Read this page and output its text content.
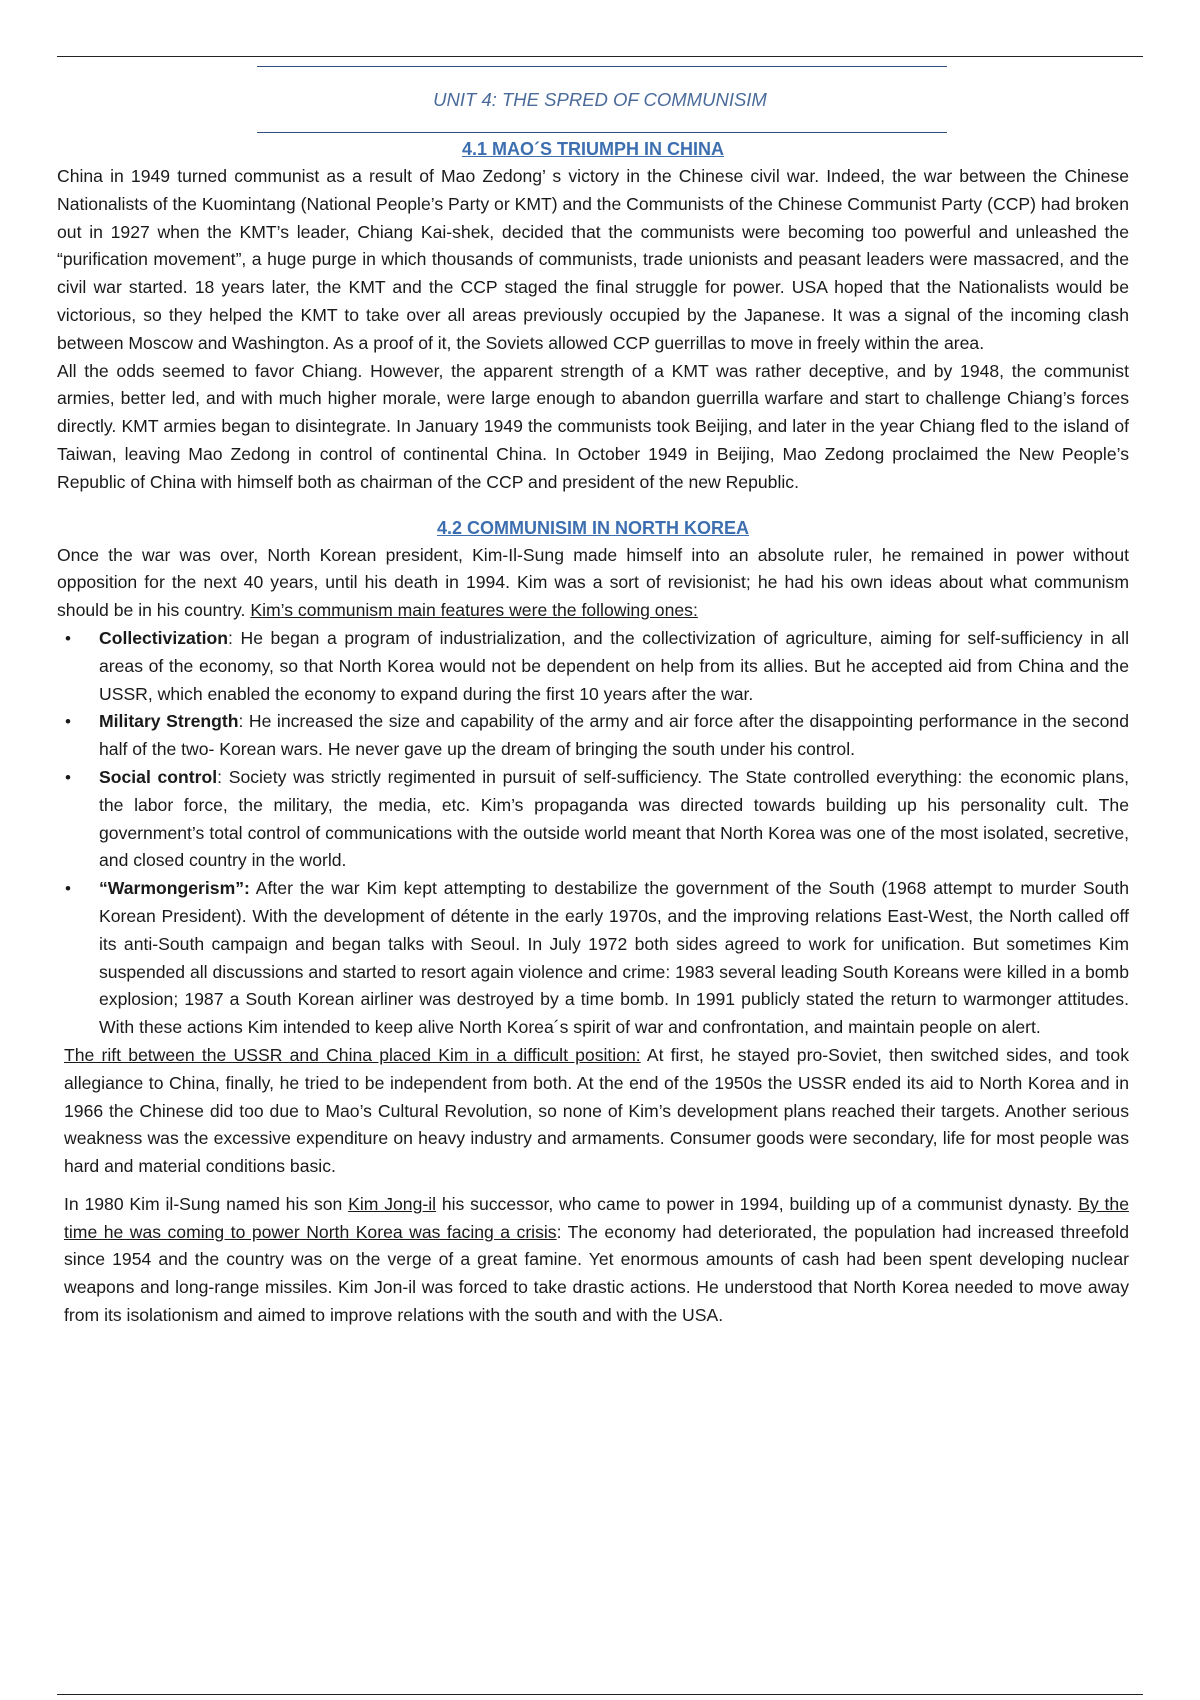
UNIT 4: THE SPRED OF COMMUNISIM
4.1 MAO´S TRIUMPH IN CHINA

China in 1949 turned communist as a result of Mao Zedong’ s victory in the Chinese civil war. Indeed, the war between the Chinese Nationalists of the Kuomintang (National People’s Party or KMT) and the Communists of the Chinese Communist Party (CCP) had broken out in 1927 when the KMT’s leader, Chiang Kai-shek, decided that the communists were becoming too powerful and unleashed the “purification movement”, a huge purge in which thousands of communists, trade unionists and peasant leaders were massacred, and the civil war started. 18 years later, the KMT and the CCP staged the final struggle for power. USA hoped that the Nationalists would be victorious, so they helped the KMT to take over all areas previously occupied by the Japanese. It was a signal of the incoming clash between Moscow and Washington. As a proof of it, the Soviets allowed CCP guerrillas to move in freely within the area.

All the odds seemed to favor Chiang. However, the apparent strength of a KMT was rather deceptive, and by 1948, the communist armies, better led, and with much higher morale, were large enough to abandon guerrilla warfare and start to challenge Chiang’s forces directly. KMT armies began to disintegrate. In January 1949 the communists took Beijing, and later in the year Chiang fled to the island of Taiwan, leaving Mao Zedong in control of continental China. In October 1949 in Beijing, Mao Zedong proclaimed the New People’s Republic of China with himself both as chairman of the CCP and president of the new Republic.

4.2 COMMUNISIM IN NORTH KOREA

Once the war was over, North Korean president, Kim-Il-Sung made himself into an absolute ruler, he remained in power without opposition for the next 40 years, until his death in 1994. Kim was a sort of revisionist; he had his own ideas about what communism should be in his country. Kim’s communism main features were the following ones:

• Collectivization: He began a program of industrialization, and the collectivization of agriculture, aiming for self-sufficiency in all areas of the economy, so that North Korea would not be dependent on help from its allies. But he accepted aid from China and the USSR, which enabled the economy to expand during the first 10 years after the war.
• Military Strength: He increased the size and capability of the army and air force after the disappointing performance in the second half of the two- Korean wars. He never gave up the dream of bringing the south under his control.
• Social control: Society was strictly regimented in pursuit of self-sufficiency. The State controlled everything: the economic plans, the labor force, the military, the media, etc. Kim’s propaganda was directed towards building up his personality cult. The government’s total control of communications with the outside world meant that North Korea was one of the most isolated, secretive, and closed country in the world.
• “Warmongerism”: After the war Kim kept attempting to destabilize the government of the South (1968 attempt to murder South Korean President). With the development of détente in the early 1970s, and the improving relations East-West, the North called off its anti-South campaign and began talks with Seoul. In July 1972 both sides agreed to work for unification. But sometimes Kim suspended all discussions and started to resort again violence and crime: 1983 several leading South Koreans were killed in a bomb explosion; 1987 a South Korean airliner was destroyed by a time bomb. In 1991 publicly stated the return to warmonger attitudes. With these actions Kim intended to keep alive North Korea´s spirit of war and confrontation, and maintain people on alert.

The rift between the USSR and China placed Kim in a difficult position: At first, he stayed pro-Soviet, then switched sides, and took allegiance to China, finally, he tried to be independent from both. At the end of the 1950s the USSR ended its aid to North Korea and in 1966 the Chinese did too due to Mao’s Cultural Revolution, so none of Kim’s development plans reached their targets. Another serious weakness was the excessive expenditure on heavy industry and armaments. Consumer goods were secondary, life for most people was hard and material conditions basic.

In 1980 Kim il-Sung named his son Kim Jong-il his successor, who came to power in 1994, building up of a communist dynasty. By the time he was coming to power North Korea was facing a crisis: The economy had deteriorated, the population had increased threefold since 1954 and the country was on the verge of a great famine. Yet enormous amounts of cash had been spent developing nuclear weapons and long-range missiles. Kim Jon-il was forced to take drastic actions. He understood that North Korea needed to move away from its isolationism and aimed to improve relations with the south and with the USA.
